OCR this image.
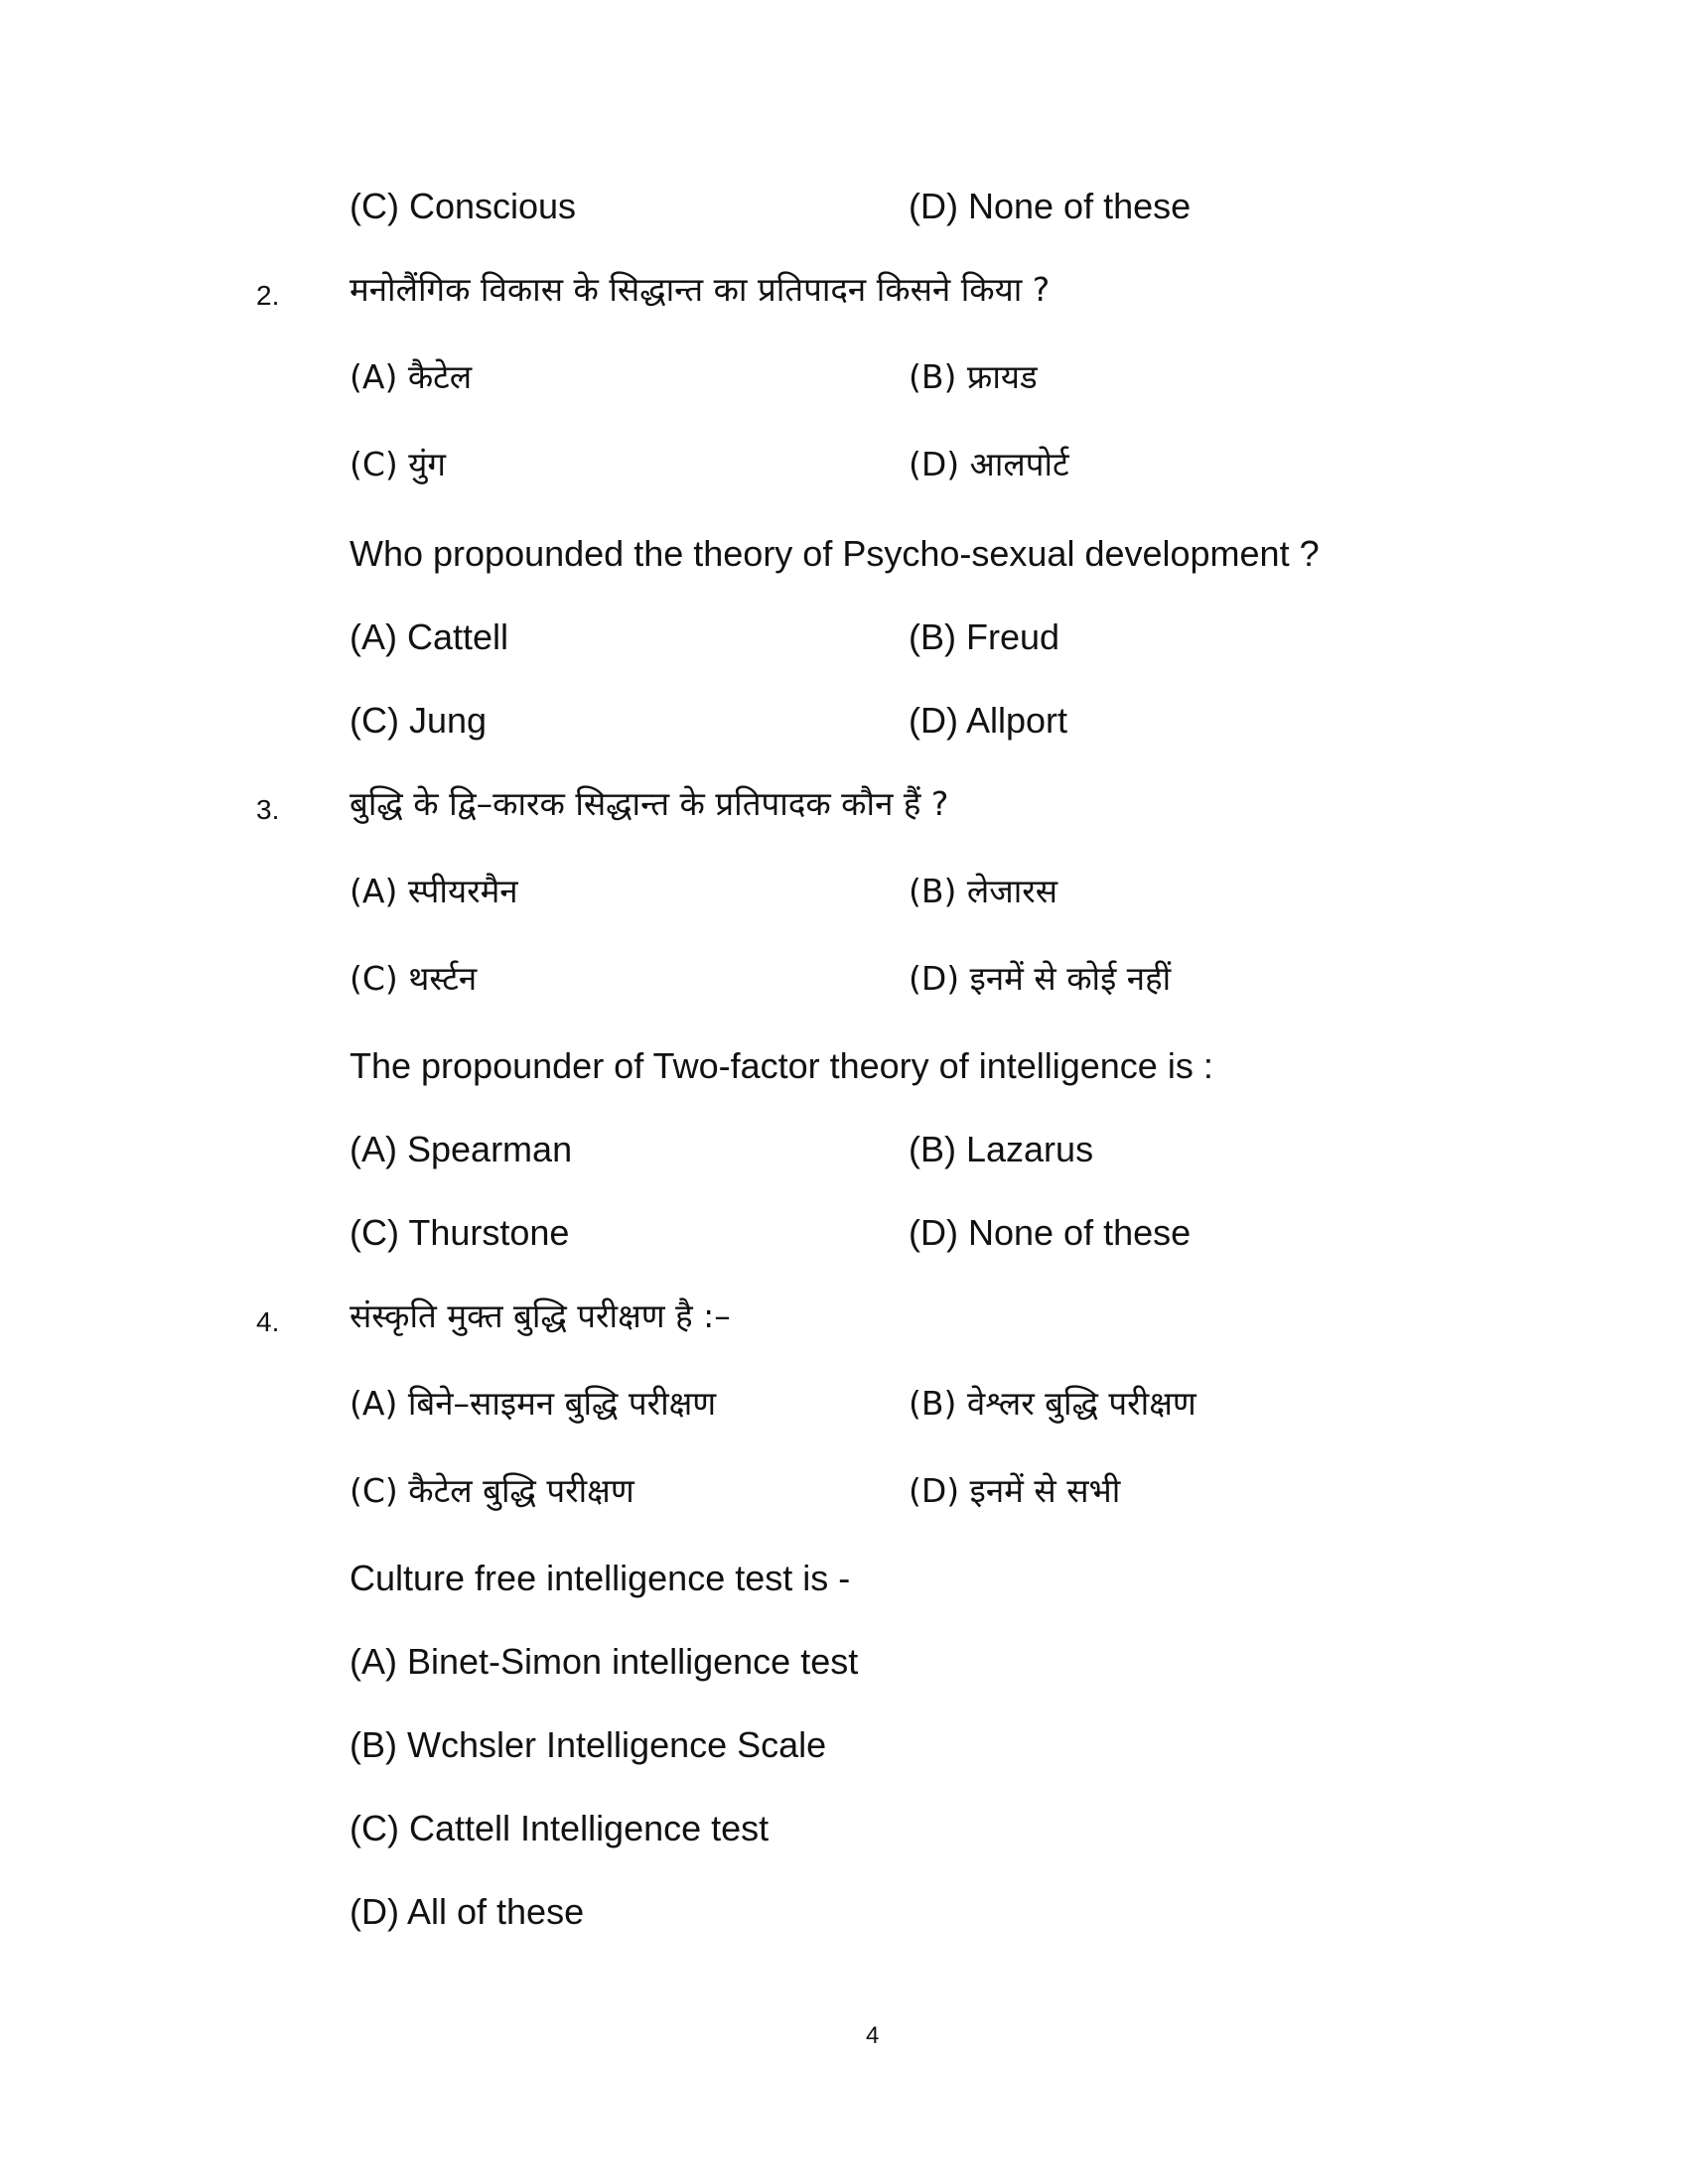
(C) Conscious	(D) None of these
2. मनोलैंगिक विकास के सिद्धान्त का प्रतिपादन किसने किया ?
(A) कैटेल	(B) फ्रायड
(C) युंग	(D) आलपोर्ट
Who propounded the theory of Psycho-sexual development ?
(A) Cattell	(B) Freud
(C) Jung	(D) Allport
3. बुद्धि के द्वि–कारक सिद्धान्त के प्रतिपादक कौन हैं ?
(A) स्पीयरमैन	(B) लेजारस
(C) थर्स्टन	(D) इनमें से कोई नहीं
The propounder of Two-factor theory of intelligence is :
(A) Spearman	(B) Lazarus
(C) Thurstone	(D) None of these
4. संस्कृति मुक्त बुद्धि परीक्षण है :–
(A) बिने–साइमन बुद्धि परीक्षण	(B) वेश्लर बुद्धि परीक्षण
(C) कैटेल बुद्धि परीक्षण	(D) इनमें से सभी
Culture free intelligence test is -
(A) Binet-Simon intelligence test
(B) Wchsler Intelligence Scale
(C) Cattell Intelligence test
(D) All of these
4
